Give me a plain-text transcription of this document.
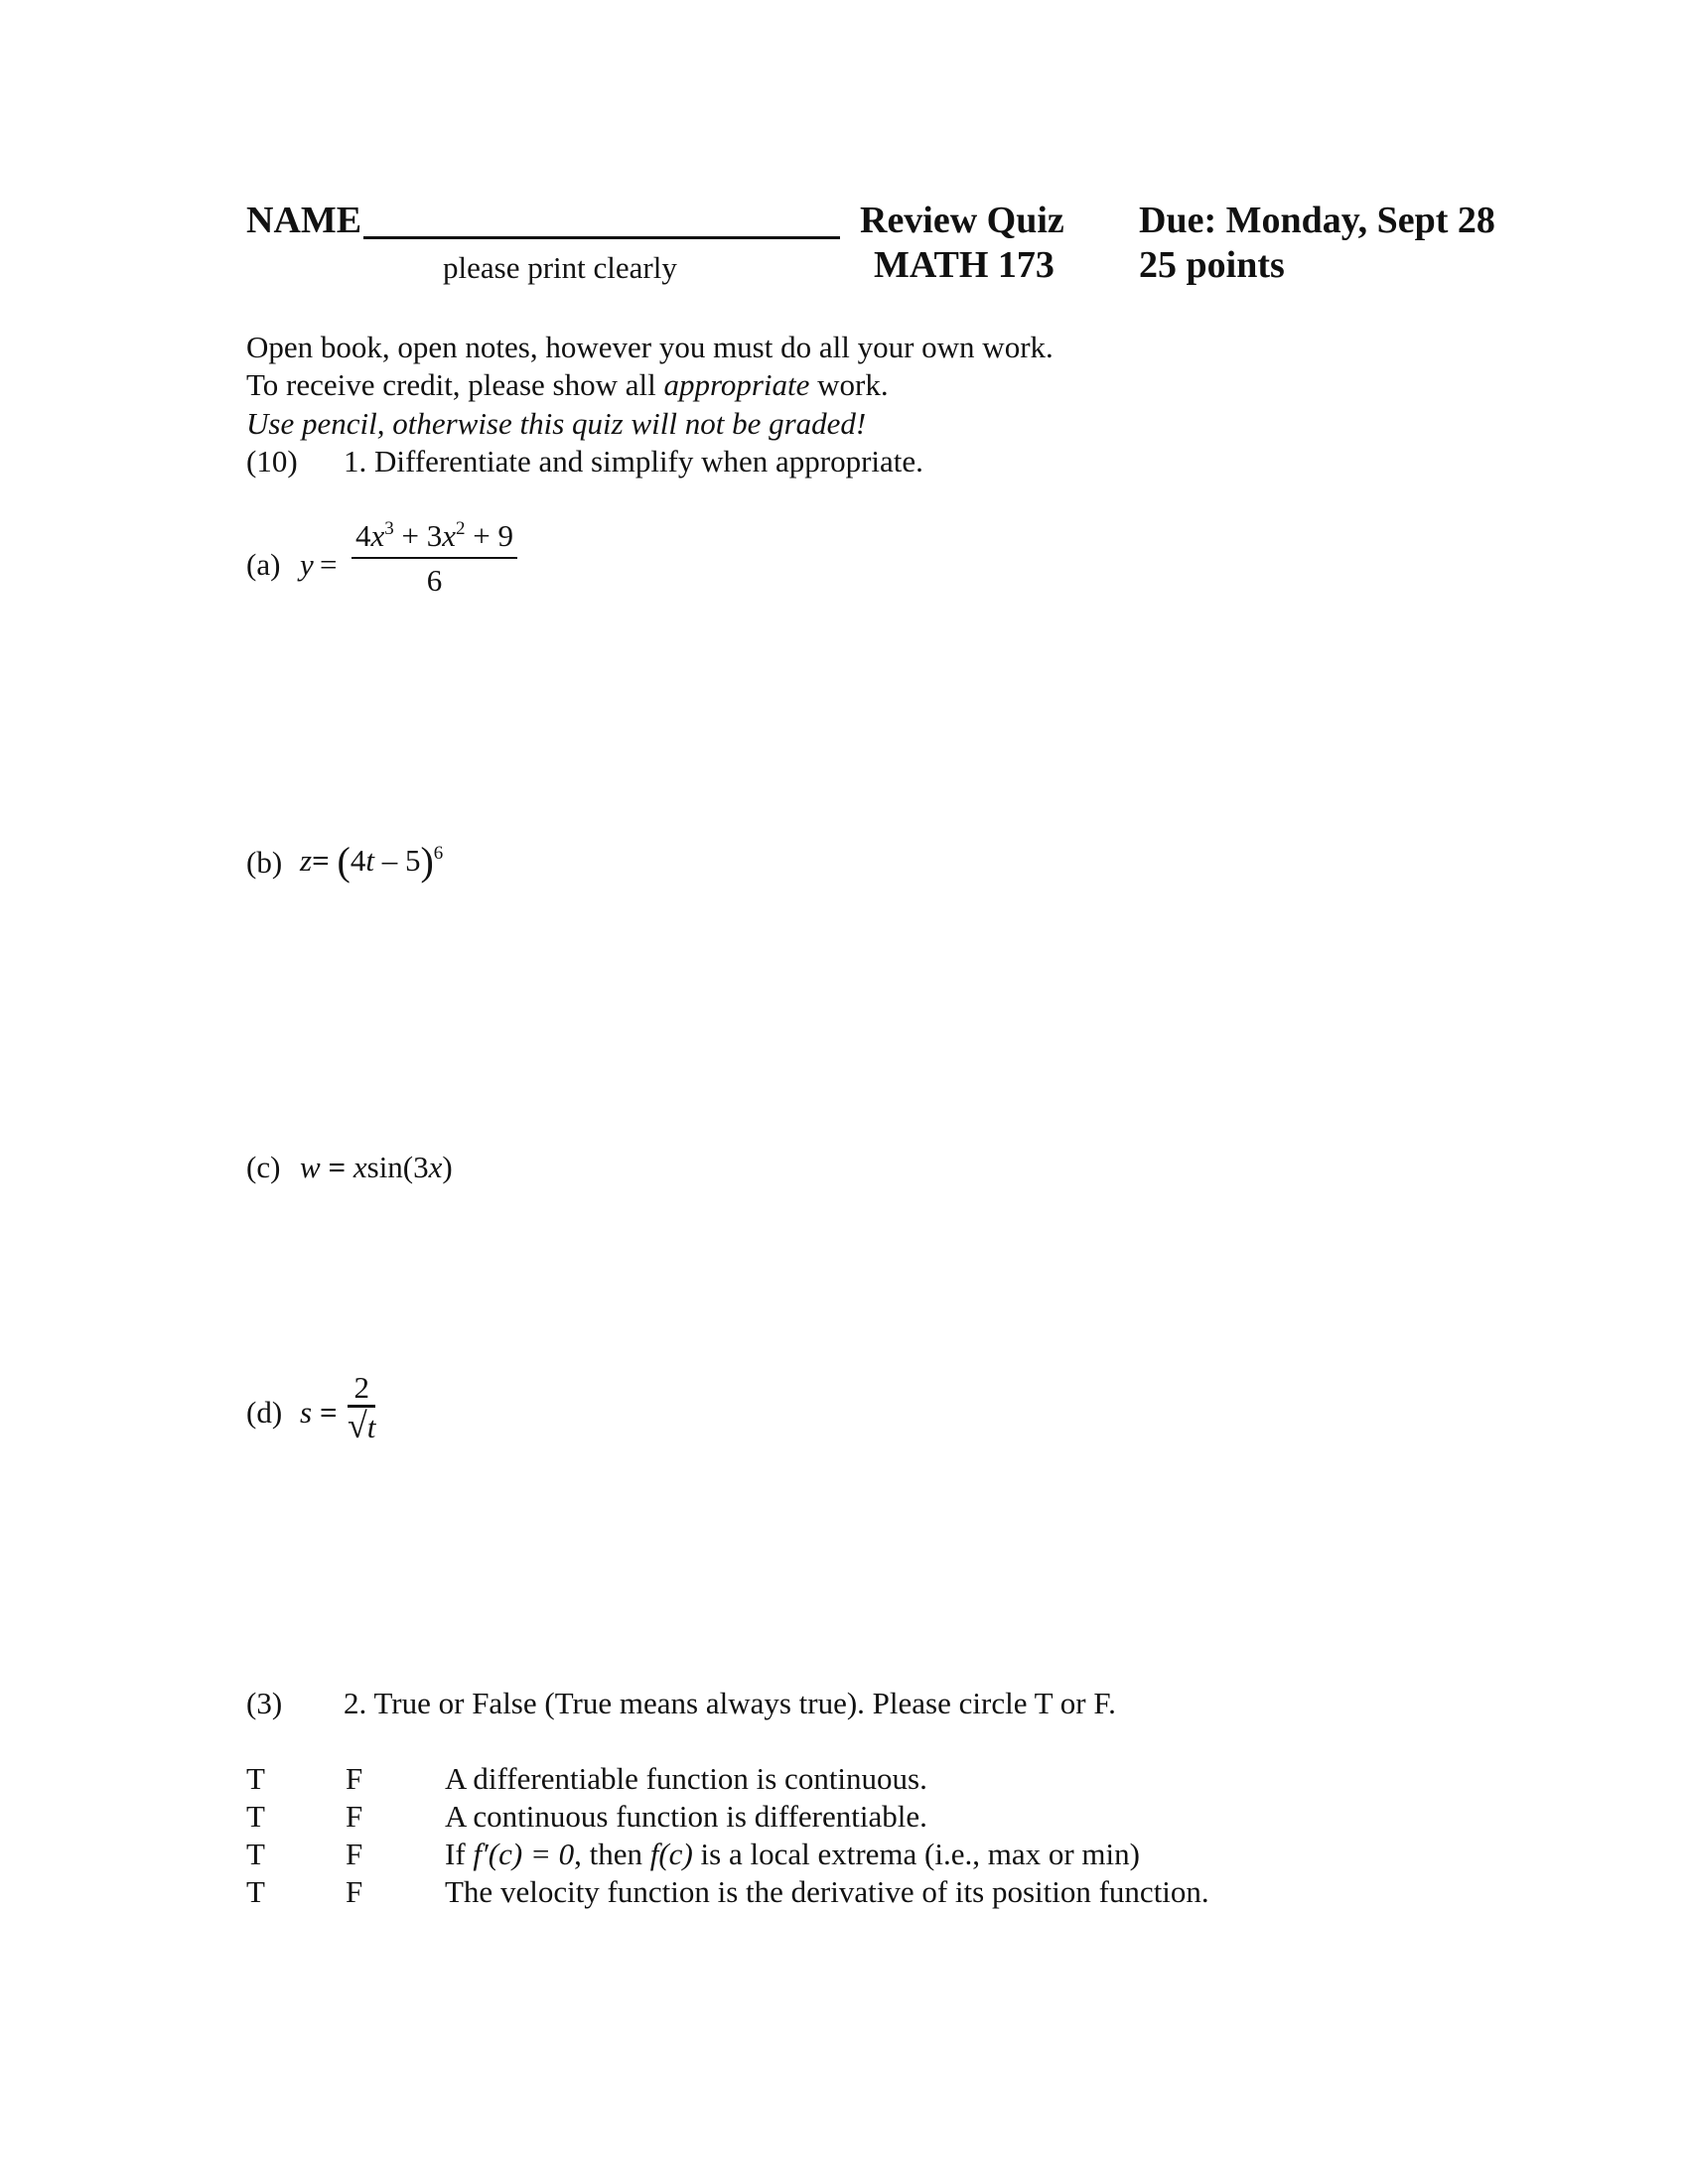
NAME
please print clearly
Review Quiz
MATH 173
Due: Monday, Sept 28
25 points
Open book, open notes, however you must do all your own work.
To receive credit, please show all appropriate work.
Use pencil, otherwise this quiz will not be graded!
(10) 1. Differentiate and simplify when appropriate.
(a) y =
$4x^3 + 3x^2 + 9$
6
(b) z= (4t – 5)$^6$
(c) w = xsin(3x)
(d) s =
2
√t
(3) 2. True or False (True means always true). Please circle T or F.
T	F	A differentiable function is continuous.
T	F	A continuous function is differentiable.
T	F	If f′(c) = 0, then f(c) is a local extrema (i.e., max or min)
T	F	The velocity function is the derivative of its position function.
